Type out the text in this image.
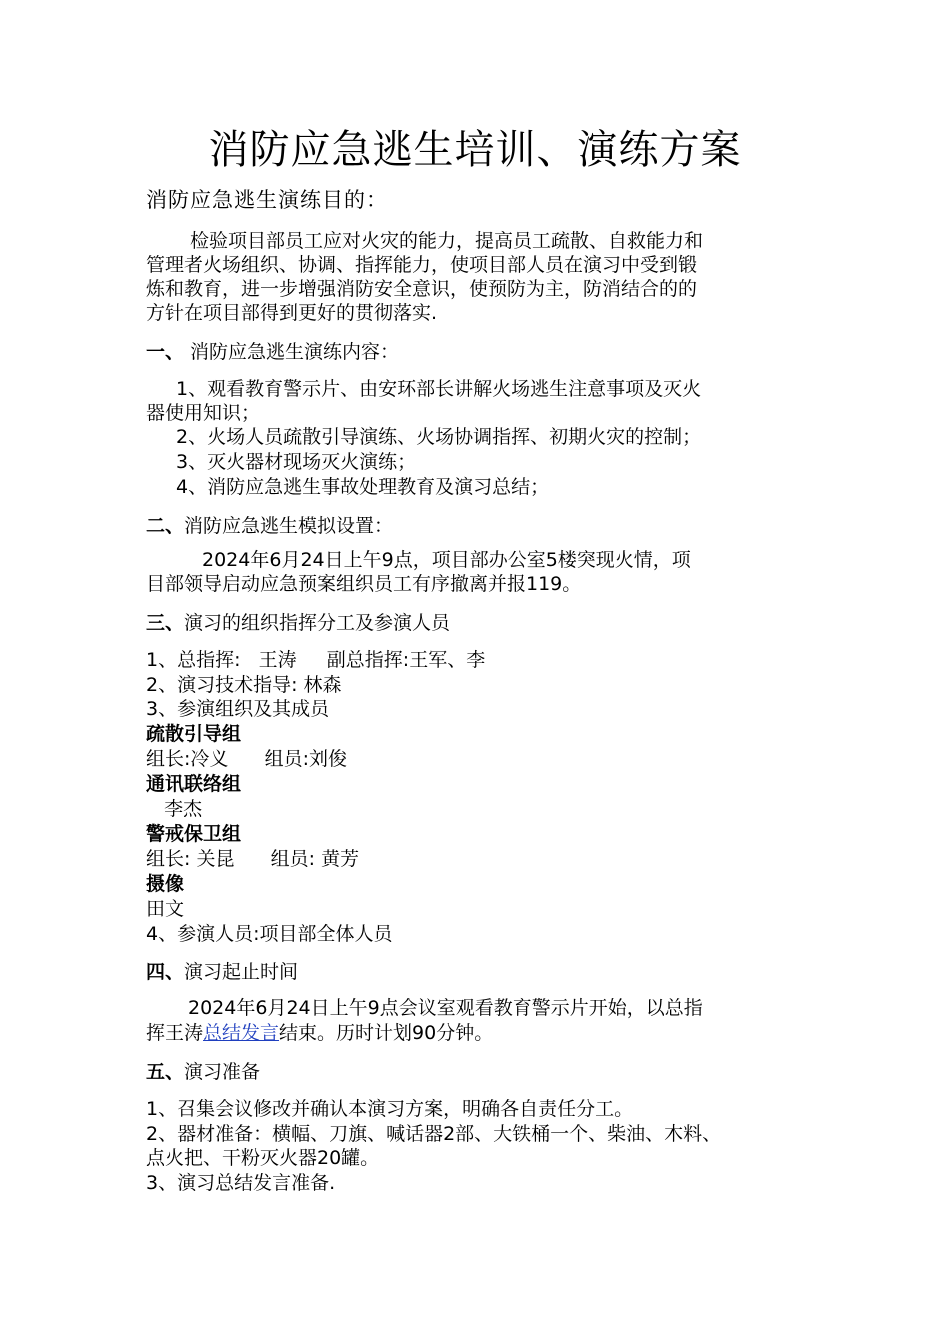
消防应急逃生培训、演练方案
消防应急逃生演练目的：
检验项目部员工应对火灾的能力，提高员工疏散、自救能力和
管理者火场组织、协调、指挥能力，使项目部人员在演习中受到锻
炼和教育，进一步增强消防安全意识，使预防为主，防消结合的的
方针在项目部得到更好的贯彻落实.
一、 消防应急逃生演练内容：
1、观看教育警示片、由安环部长讲解火场逃生注意事项及灭火
器使用知识；
2、火场人员疏散引导演练、火场协调指挥、初期火灾的控制；
3、灭火器材现场灭火演练；
4、消防应急逃生事故处理教育及演习总结；
二、消防应急逃生模拟设置：
2024年6月24日上午9点，项目部办公室5楼突现火情，项
目部领导启动应急预案组织员工有序撤离并报119。
三、演习的组织指挥分工及参演人员
1、总指挥:   王涛     副总指挥:王军、李
2、演习技术指导: 林森
3、参演组织及其成员
疏散引导组
组长:冷义      组员:刘俊
通讯联络组
李杰
警戒保卫组
组长: 关昆      组员: 黄芳
摄像
田文
4、参演人员:项目部全体人员
四、演习起止时间
2024年6月24日上午9点会议室观看教育警示片开始，以总指
挥王涛总结发言结束。历时计划90分钟。
五、演习准备
1、召集会议修改并确认本演习方案，明确各自责任分工。
2、器材准备：横幅、刀旗、喊话器2部、大铁桶一个、柴油、木料、
点火把、干粉灭火器20罐。
3、演习总结发言准备.
